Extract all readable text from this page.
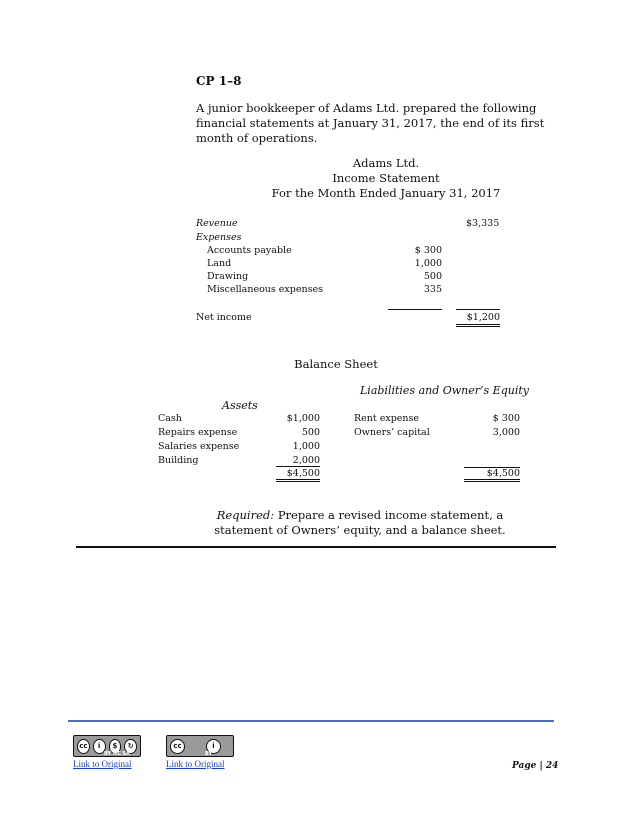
CP 1–8
A junior bookkeeper of Adams Ltd. prepared the following financial statements at January 31, 2017, the end of its first month of operations.
Adams Ltd.
Income Statement
For the Month Ended January 31, 2017
Revenue	$3,335
Expenses
Accounts payable	$ 300
Land	1,000
Drawing	500
Miscellaneous expenses	335
Net income	$1,200
Balance Sheet
Liabilities and Owner’s Equity
Assets
Cash	$1,000
Repairs expense	500
Salaries expense	1,000
Building	2,000
$4,500
Rent expense	$ 300
Owners’ capital	3,000
$4,500
Required: Prepare a revised income statement, a statement of Owners’ equity, and a balance sheet.
cc	i	$	↻
BY NC SA
cc	i
BY
Link to Original	Link to Original	Page | 24
